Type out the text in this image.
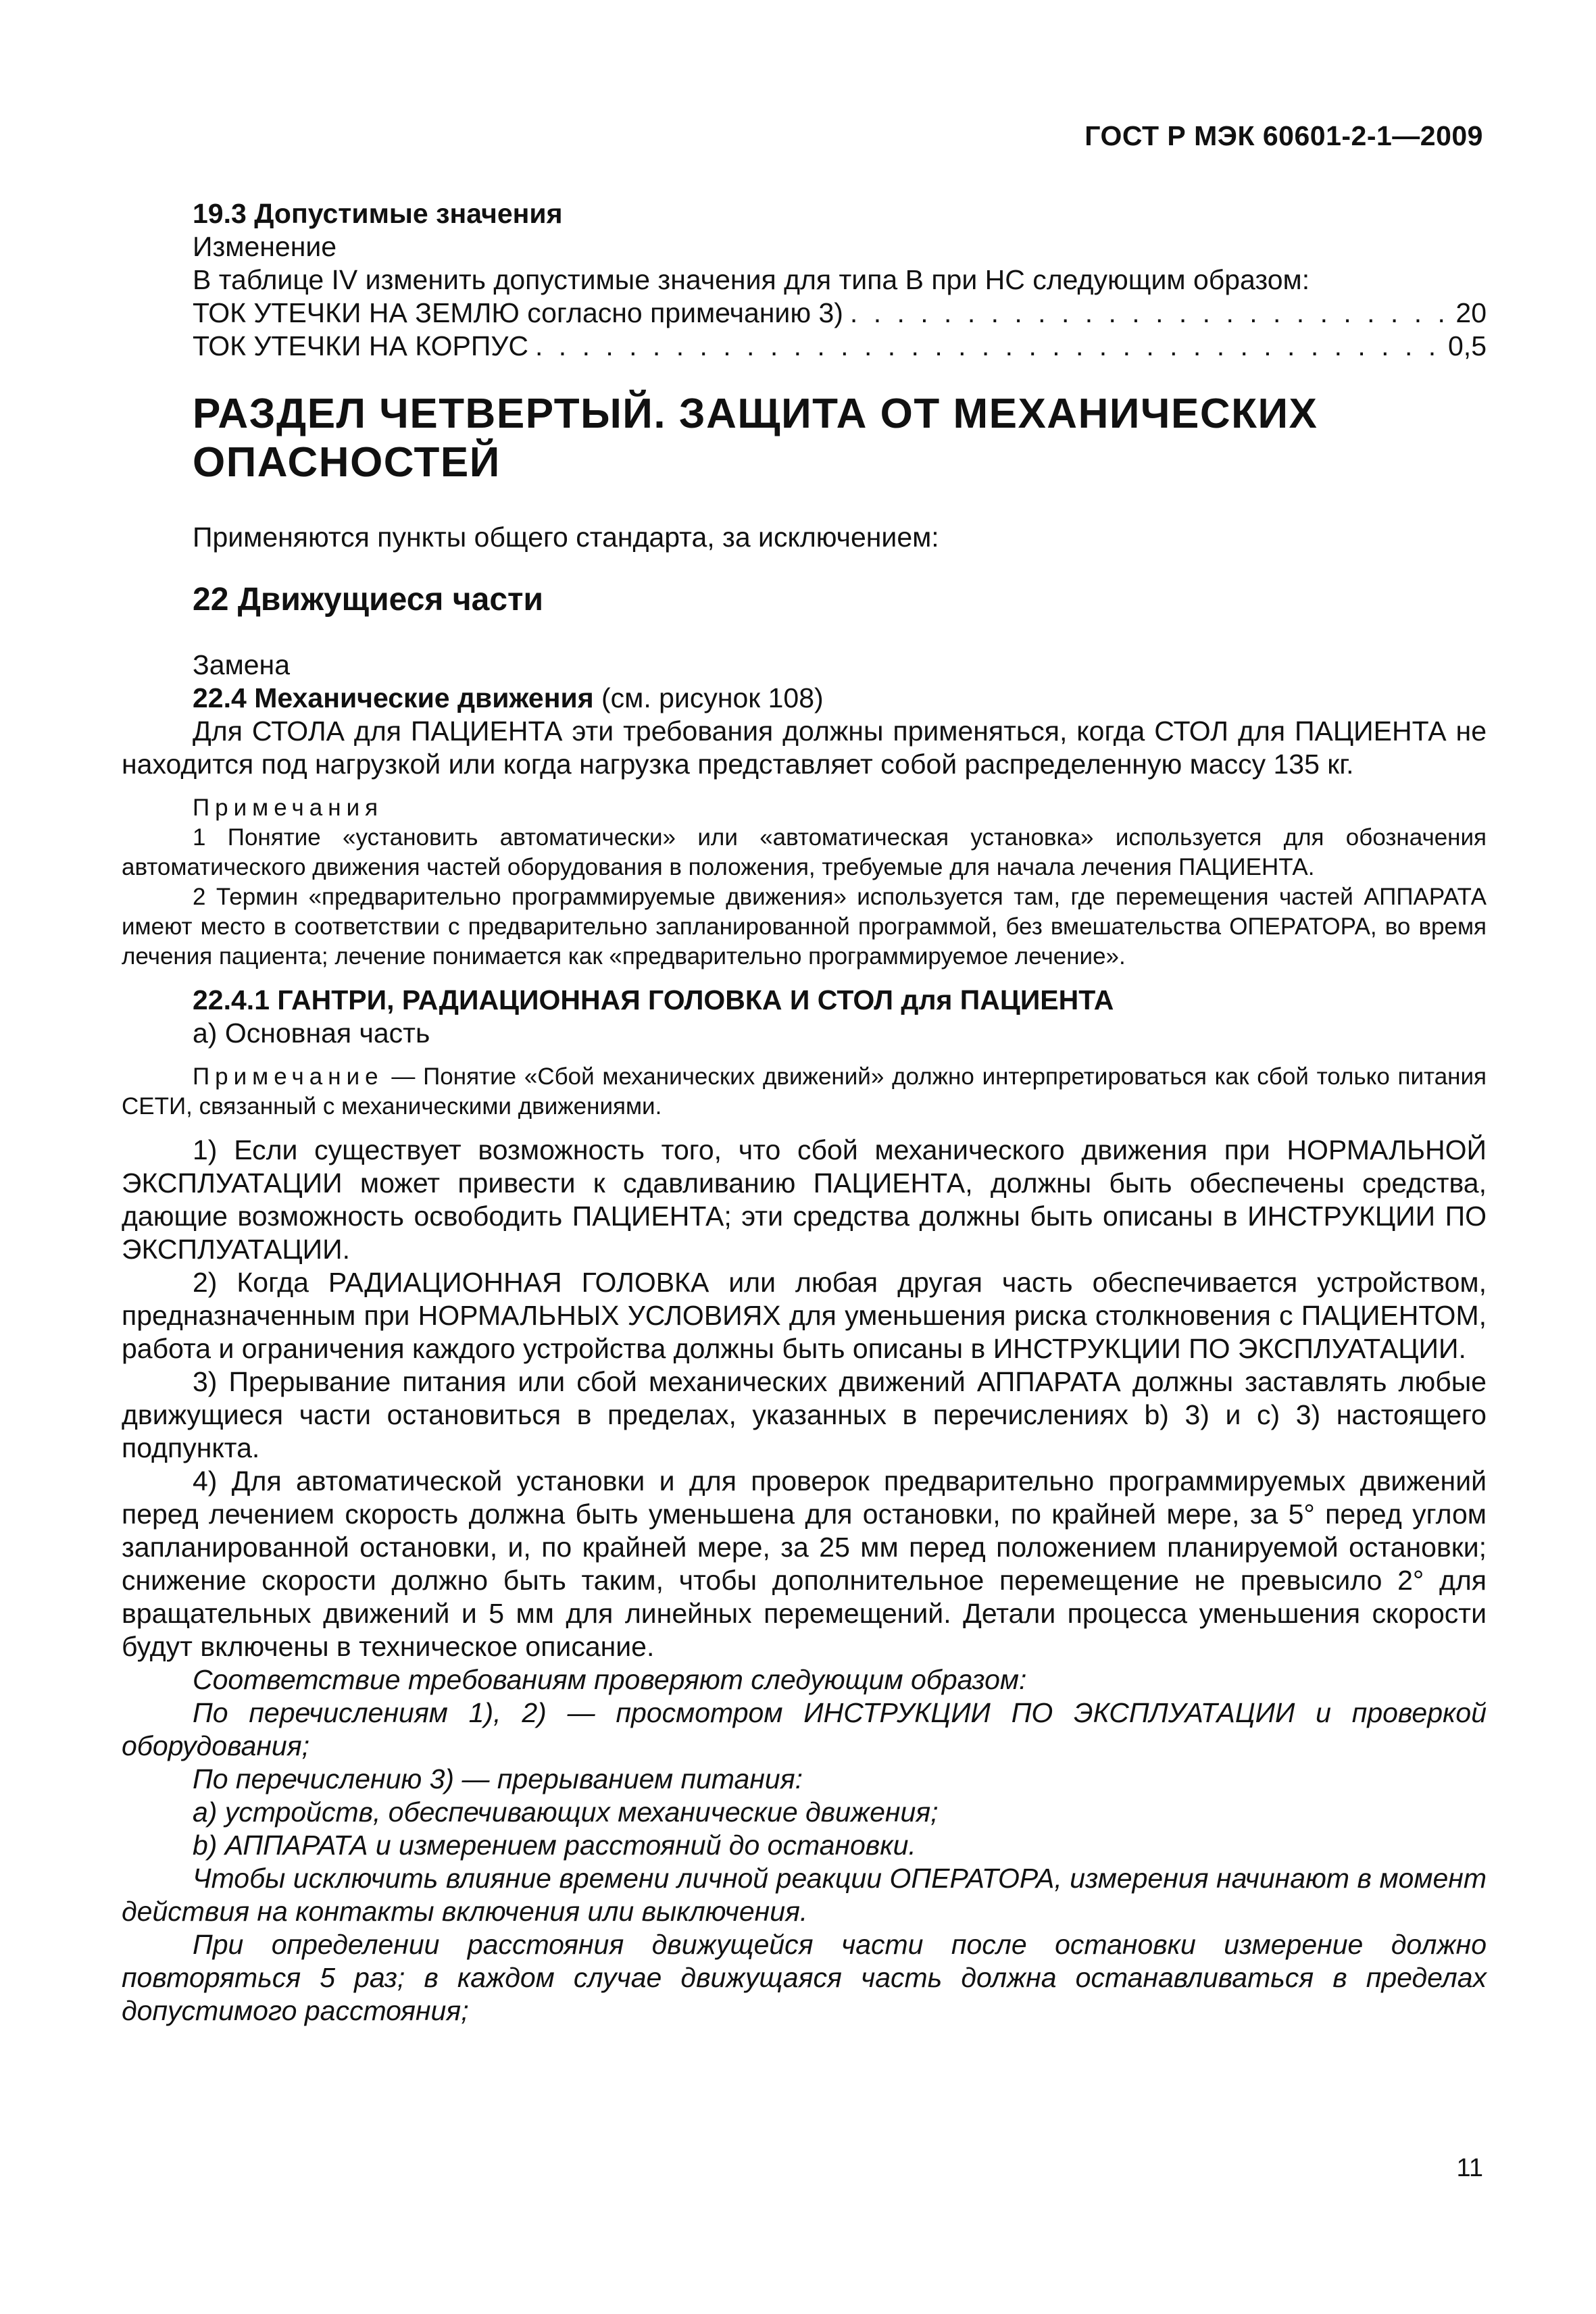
ГОСТ Р МЭК 60601-2-1—2009

19.3 Допустимые значения

Изменение

В таблице IV изменить допустимые значения для типа В при НС следующим образом:

ТОК УТЕЧКИ НА ЗЕМЛЮ согласно примечанию 3) . . .	20
ТОК УТЕЧКИ НА КОРПУС . . .	0,5
РАЗДЕЛ ЧЕТВЕРТЫЙ. ЗАЩИТА ОТ МЕХАНИЧЕСКИХ
ОПАСНОСТЕЙ

Применяются пункты общего стандарта, за исключением:

22 Движущиеся части

Замена

22.4 Механические движения (см. рисунок 108)

Для СТОЛА для ПАЦИЕНТА эти требования должны применяться, когда СТОЛ для ПАЦИЕНТА не находится под нагрузкой или когда нагрузка представляет собой распределенную массу 135 кг.

Примечания

1 Понятие «установить автоматически» или «автоматическая установка» используется для обозначения автоматического движения частей оборудования в положения, требуемые для начала лечения ПАЦИЕНТА.

2 Термин «предварительно программируемые движения» используется там, где перемещения частей АППАРАТА имеют место в соответствии с предварительно запланированной программой, без вмешательства ОПЕРАТОРА, во время лечения пациента; лечение понимается как «предварительно программируемое лечение».

22.4.1 ГАНТРИ, РАДИАЦИОННАЯ ГОЛОВКА И СТОЛ для ПАЦИЕНТА

а) Основная часть

Примечание — Понятие «Сбой механических движений» должно интерпретироваться как сбой только питания СЕТИ, связанный с механическими движениями.

1) Если существует возможность того, что сбой механического движения при НОРМАЛЬНОЙ ЭКСПЛУАТАЦИИ может привести к сдавливанию ПАЦИЕНТА, должны быть обеспечены средства, дающие возможность освободить ПАЦИЕНТА; эти средства должны быть описаны в ИНСТРУКЦИИ ПО ЭКСПЛУАТАЦИИ.

2) Когда РАДИАЦИОННАЯ ГОЛОВКА или любая другая часть обеспечивается устройством, предназначенным при НОРМАЛЬНЫХ УСЛОВИЯХ для уменьшения риска столкновения с ПАЦИЕНТОМ, работа и ограничения каждого устройства должны быть описаны в ИНСТРУКЦИИ ПО ЭКСПЛУАТАЦИИ.

3) Прерывание питания или сбой механических движений АППАРАТА должны заставлять любые движущиеся части остановиться в пределах, указанных в перечислениях b) 3) и с) 3) настоящего подпункта.

4) Для автоматической установки и для проверок предварительно программируемых движений перед лечением скорость должна быть уменьшена для остановки, по крайней мере, за 5° перед углом запланированной остановки, и, по крайней мере, за 25 мм перед положением планируемой остановки; снижение скорости должно быть таким, чтобы дополнительное перемещение не превысило 2° для вращательных движений и 5 мм для линейных перемещений. Детали процесса уменьшения скорости будут включены в техническое описание.

Соответствие требованиям проверяют следующим образом:

По перечислениям 1), 2) — просмотром ИНСТРУКЦИИ ПО ЭКСПЛУАТАЦИИ и проверкой оборудования;

По перечислению 3) — прерыванием питания:

а) устройств, обеспечивающих механические движения;

b) АППАРАТА и измерением расстояний до остановки.

Чтобы исключить влияние времени личной реакции ОПЕРАТОРА, измерения начинают в момент действия на контакты включения или выключения.

При определении расстояния движущейся части после остановки измерение должно повторяться 5 раз; в каждом случае движущаяся часть должна останавливаться в пределах допустимого расстояния;

11
